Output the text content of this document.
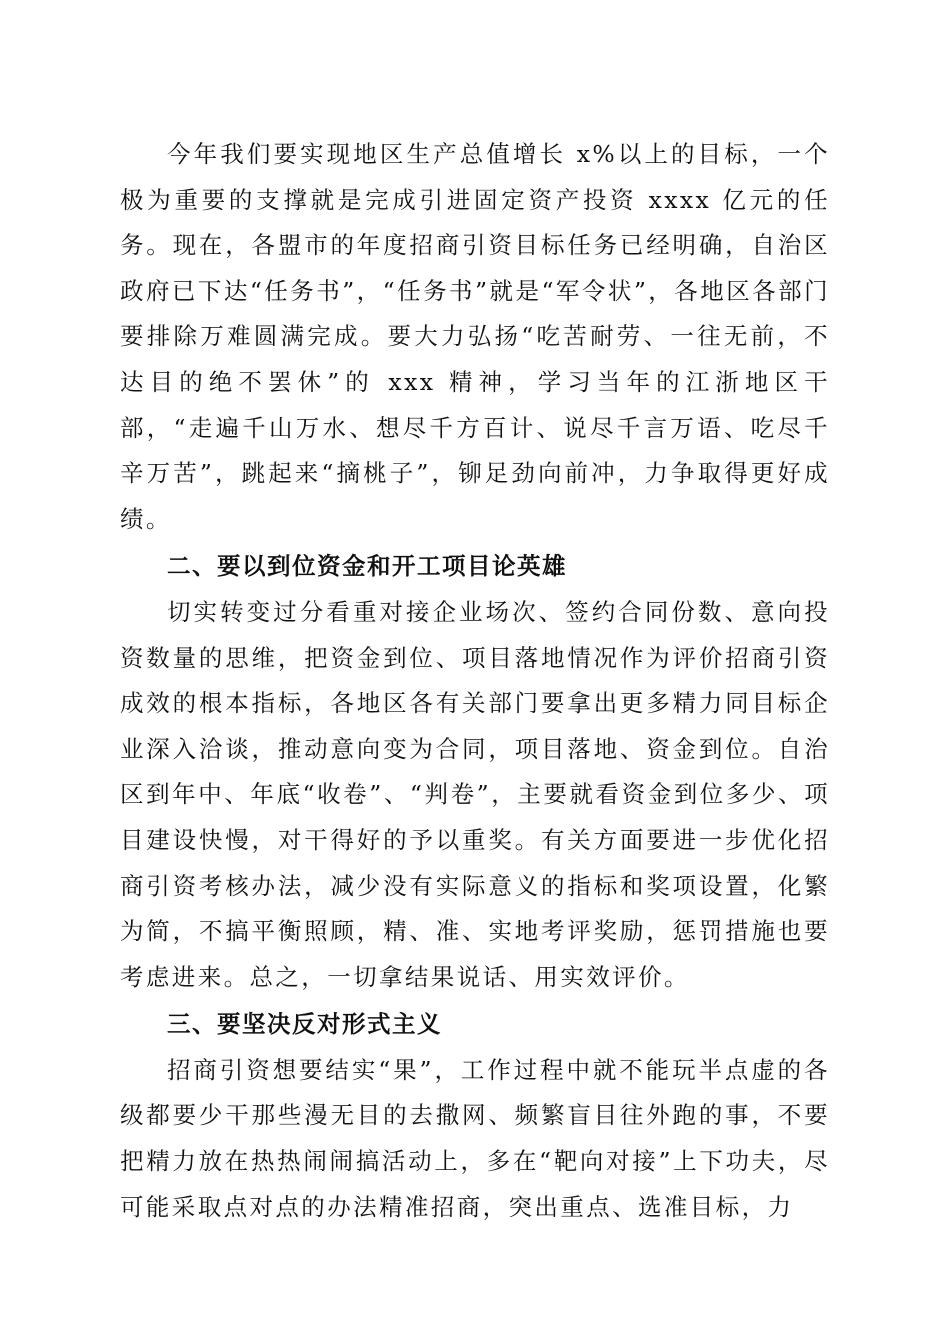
今年我们要实现地区生产总值增长 x%以上的目标，一个极为重要的支撑就是完成引进固定资产投资 xxxx 亿元的任务。现在，各盟市的年度招商引资目标任务已经明确，自治区政府已下达“任务书”，“任务书”就是“军令状”，各地区各部门要排除万难圆满完成。要大力弘扬“吃苦耐劳、一往无前，不达目的绝不罢休”的 xxx 精神，学习当年的江浙地区干部，“走遍千山万水、想尽千方百计、说尽千言万语、吃尽千辛万苦”，跳起来“摘桃子”，铆足劲向前冲，力争取得更好成绩。

二、要以到位资金和开工项目论英雄

切实转变过分看重对接企业场次、签约合同份数、意向投资数量的思维，把资金到位、项目落地情况作为评价招商引资成效的根本指标，各地区各有关部门要拿出更多精力同目标企业深入洽谈，推动意向变为合同，项目落地、资金到位。自治区到年中、年底“收卷”、“判卷”，主要就看资金到位多少、项目建设快慢，对干得好的予以重奖。有关方面要进一步优化招商引资考核办法，减少没有实际意义的指标和奖项设置，化繁为简，不搞平衡照顾，精、准、实地考评奖励，惩罚措施也要考虑进来。总之，一切拿结果说话、用实效评价。

三、要坚决反对形式主义

招商引资想要结实“果”，工作过程中就不能玩半点虚的各级都要少干那些漫无目的去撒网、频繁盲目往外跑的事，不要把精力放在热热闹闹搞活动上，多在“靶向对接”上下功夫，尽可能采取点对点的办法精准招商，突出重点、选准目标，力
